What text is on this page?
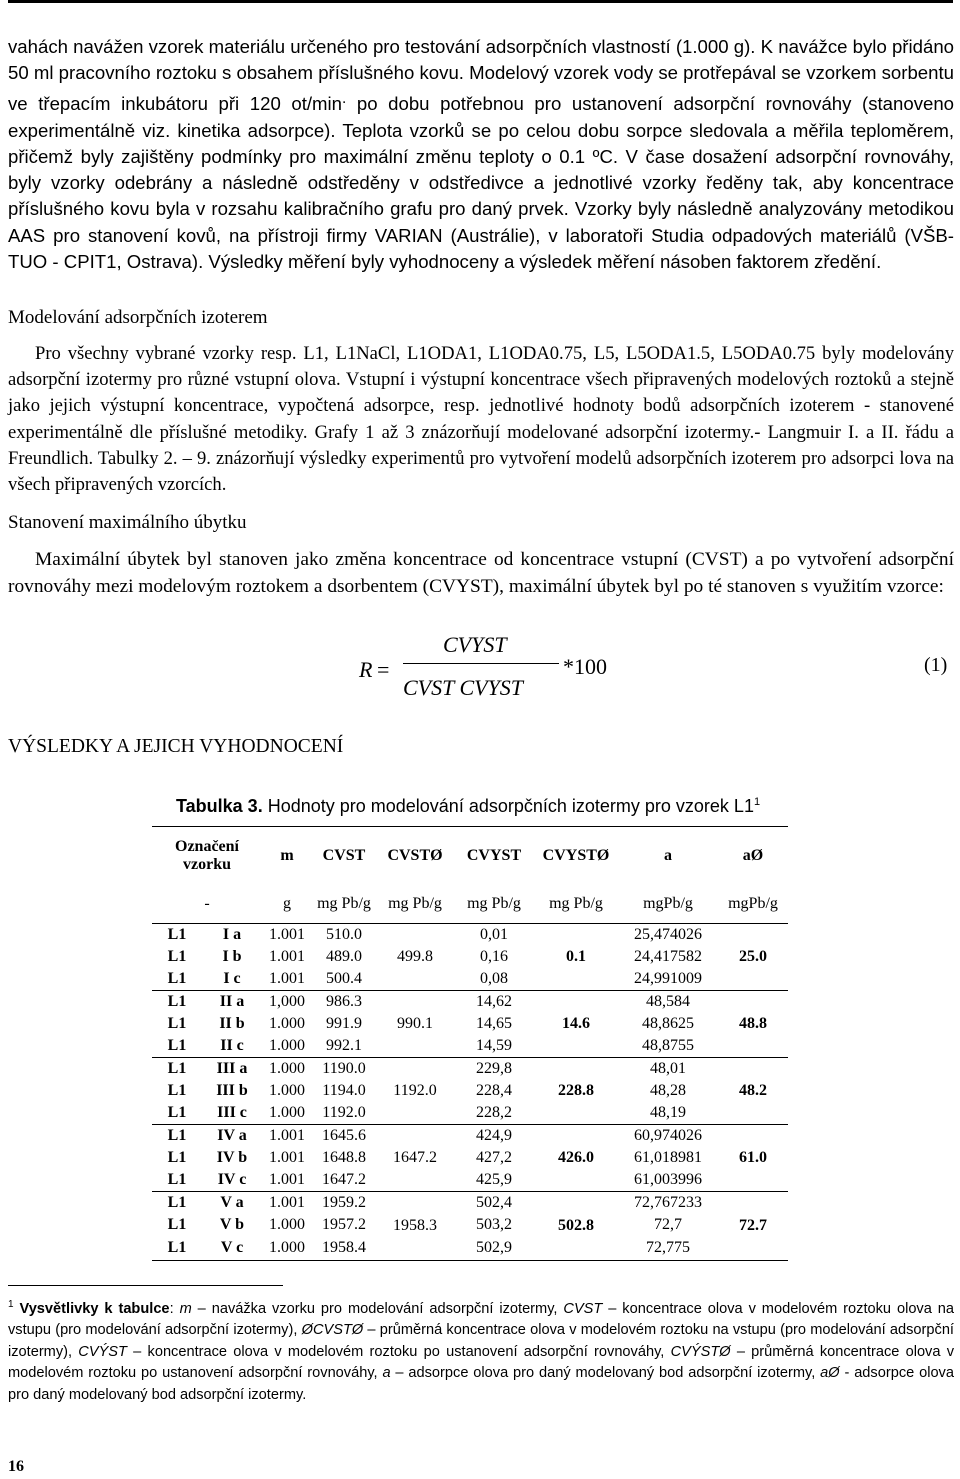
vahách navážen vzorek materiálu určeného pro testování adsorpčních vlastností (1.000 g). K navážce bylo přidáno 50 ml pracovního roztoku s obsahem příslušného kovu. Modelový vzorek vody se protřepával se vzorkem sorbentu ve třepacím inkubátoru při 120 ot/min. po dobu potřebnou pro ustanovení adsorpční rovnováhy (stanoveno experimentálně viz. kinetika adsorpce). Teplota vzorků se po celou dobu sorpce sledovala a měřila teploměrem, přičemž byly zajištěny podmínky pro maximální změnu teploty o 0.1 ºC. V čase dosažení adsorpční rovnováhy, byly vzorky odebrány a následně odstředěny v odstředivce a jednotlivé vzorky ředěny tak, aby koncentrace příslušného kovu byla v rozsahu kalibračního grafu pro daný prvek. Vzorky byly následně analyzovány metodikou AAS pro stanovení kovů, na přístroji firmy VARIAN (Austrálie), v laboratoři Studia odpadových materiálů (VŠB-TUO - CPIT1, Ostrava). Výsledky měření byly vyhodnoceny a výsledek měření násoben faktorem zředění.

Modelování adsorpčních izoterem

Pro všechny vybrané vzorky resp. L1, L1NaCl, L1ODA1, L1ODA0.75, L5, L5ODA1.5, L5ODA0.75 byly modelovány adsorpční izotermy pro různé vstupní olova. Vstupní i výstupní koncentrace všech připravených modelových roztoků a stejně jako jejich výstupní koncentrace, vypočtená adsorpce, resp. jednotlivé hodnoty bodů adsorpčních izoterem - stanovené experimentálně dle příslušné metodiky. Grafy 1 až 3 znázorňují modelované adsorpční izotermy.- Langmuir I. a II. řádu a Freundlich. Tabulky 2. – 9. znázorňují výsledky experimentů pro vytvoření modelů adsorpčních izoterem pro adsorpci lova na všech připravených vzorcích.

Stanovení maximálního úbytku

Maximální úbytek byl stanoven jako změna koncentrace od koncentrace vstupní (CVST) a po vytvoření adsorpční rovnováhy mezi modelovým roztokem a dsorbentem (CVYST), maximální úbytek byl po té stanoven s využitím vzorce:

R =
CVYST
CVST CVYST
*100	(1)
VÝSLEDKY A JEJICH VYHODNOCENÍ
Tabulka 3. Hodnoty pro modelování adsorpčních izotermy pro vzorek $L1^1$
Označení vzorku		m	CVST	CVSTØ	CVYST	CVYSTØ	a	aØ
-		g	mg Pb/g	mg Pb/g	mg Pb/g	mg Pb/g	mgPb/g	mgPb/g
L1	I a	1.001	510.0	499.8	0,01	0.1	25,474026	25.0
L1	I b	1.001	489.0		0,16		24,417582	
L1	I c	1.001	500.4		0,08		24,991009	
L1	II a	1,000	986.3	990.1	14,62	14.6	48,584	48.8
L1	II b	1.000	991.9		14,65		48,8625	
L1	II c	1.000	992.1		14,59		48,8755	
L1	III a	1.000	1190.0	1192.0	229,8	228.8	48,01	48.2
L1	III b	1.000	1194.0		228,4		48,28	
L1	III c	1.000	1192.0		228,2		48,19	
L1	IV a	1.001	1645.6	1647.2	424,9	426.0	60,974026	61.0
L1	IV b	1.001	1648.8		427,2		61,018981	
L1	IV c	1.001	1647.2		425,9		61,003996	
L1	V a	1.001	1959.2	1958.3	502,4	502.8	72,767233	72.7
L1	V b	1.000	1957.2		503,2		72,7	
L1	V c	1.000	1958.4		502,9		72,775	
$^1$ Vysvětlivky k tabulce: m – navážka vzorku pro modelování adsorpční izotermy, CVST – koncentrace olova v modelovém roztoku olova na vstupu (pro modelování adsorpční izotermy), ØCVSTØ – průměrná koncentrace olova v modelovém roztoku na vstupu (pro modelování adsorpční izotermy), CVÝST – koncentrace olova v modelovém roztoku po ustanovení adsorpční rovnováhy, CVÝSTØ – průměrná koncentrace olova v modelovém roztoku po ustanovení adsorpční rovnováhy, a – adsorpce olova pro daný modelovaný bod adsorpční izotermy, aØ - adsorpce olova pro daný modelovaný bod adsorpční izotermy.
16
